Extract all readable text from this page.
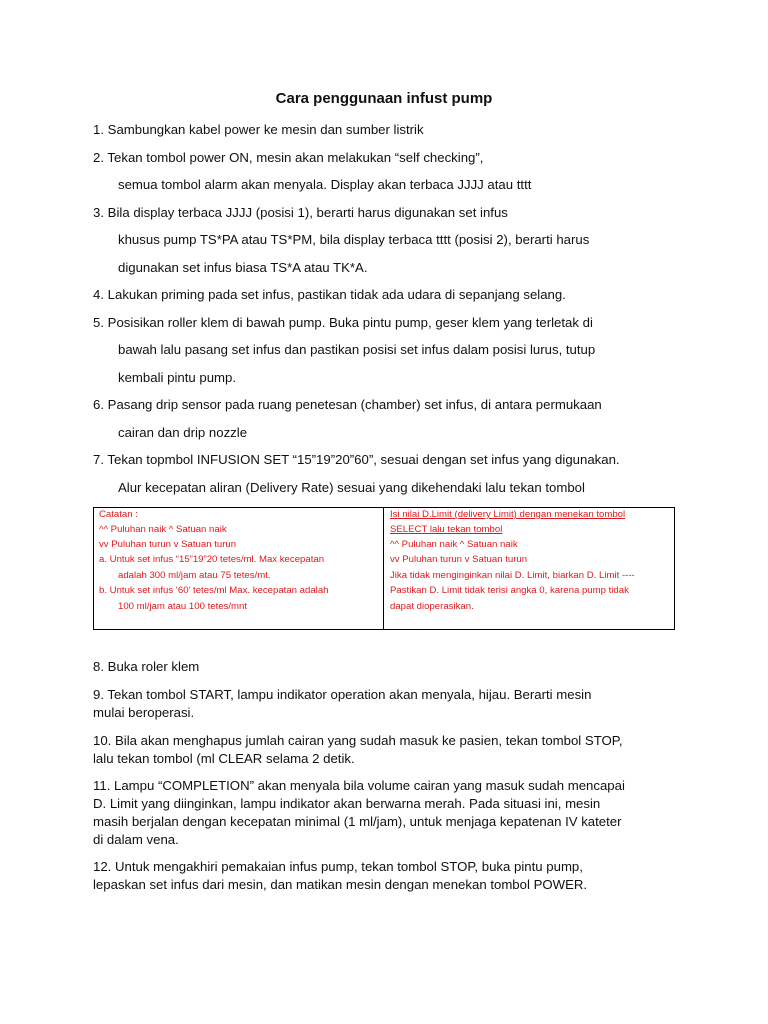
Cara penggunaan infust pump
1. Sambungkan kabel power ke mesin dan sumber listrik
2. Tekan tombol power ON, mesin akan melakukan “self checking”,
semua tombol alarm akan menyala. Display akan terbaca JJJJ atau tttt
3. Bila display terbaca JJJJ (posisi 1), berarti harus digunakan set infus
khusus pump TS*PA atau TS*PM, bila display terbaca tttt (posisi 2), berarti harus
digunakan set infus biasa TS*A atau TK*A.
4. Lakukan priming pada set infus, pastikan tidak ada udara di sepanjang selang.
5. Posisikan roller klem di bawah pump. Buka pintu pump, geser klem yang terletak di
bawah lalu pasang set infus dan pastikan posisi set infus dalam posisi lurus, tutup
kembali pintu pump.
6. Pasang drip sensor pada ruang penetesan (chamber) set infus, di antara permukaan
cairan dan drip nozzle
7. Tekan topmbol INFUSION SET “15”19”20”60”, sesuai dengan set infus yang digunakan.
Alur kecepatan aliran (Delivery Rate) sesuai yang dikehendaki lalu tekan tombol
Catatan :
^^ Puluhan naik ^ Satuan naik
vv Puluhan turun v Satuan turun
a. Untuk set infus “15”19”20 tetes/ml. Max kecepatan
adalah 300 ml/jam atau 75 tetes/mt.
b. Untuk set infus ‘60’ tetes/ml Max. kecepatan adalah
100 ml/jam atau 100 tetes/mnt
Isi nilai D.Limit (delivery Limit) dengan menekan tombol
SELECT lalu tekan tombol
^^ Puluhan naik ^ Satuan naik
vv Puluhan turun v Satuan turun
Jika tidak menginginkan nilai D. Limit, biarkan D. Limit ----
Pastikan D. Limit tidak terisi angka 0, karena pump tidak
dapat dioperasikan.
8. Buka roler klem
9. Tekan tombol START, lampu indikator operation akan menyala, hijau. Berarti mesin
mulai beroperasi.
10. Bila akan menghapus jumlah cairan yang sudah masuk ke pasien, tekan tombol STOP,
lalu tekan tombol (ml CLEAR selama 2 detik.
11. Lampu “COMPLETION” akan menyala bila volume cairan yang masuk sudah mencapai
D. Limit yang diinginkan, lampu indikator akan berwarna merah. Pada situasi ini, mesin
masih berjalan dengan kecepatan minimal (1 ml/jam), untuk menjaga kepatenan IV kateter
di dalam vena.
12. Untuk mengakhiri pemakaian infus pump, tekan tombol STOP, buka pintu pump,
lepaskan set infus dari mesin, dan matikan mesin dengan menekan tombol POWER.
